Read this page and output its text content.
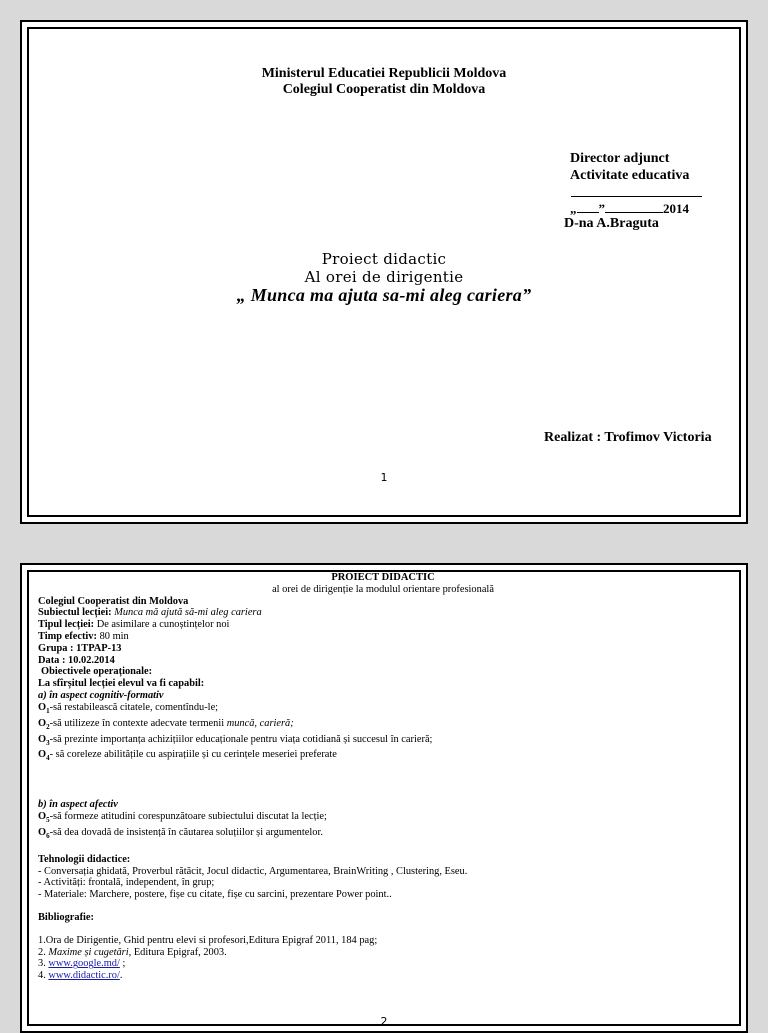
Ministerul Educatiei Republicii Moldova
Colegiul Cooperatist din Moldova
Director adjunct
Activitate educativa
„ ”	2014
D-na A.Braguta
Proiect didactic
Al orei de dirigentie
„ Munca ma ajuta sa-mi aleg cariera”
Realizat : Trofimov Victoria
1
PROIECT DIDACTIC
al orei de dirigenție la modulul orientare profesională
Colegiul Cooperatist din Moldova
Subiectul lecției: Munca mă ajută să-mi aleg cariera
Tipul lecției: De asimilare a cunoștințelor noi
Timp efectiv: 80 min
Grupa : 1TPAP-13
Data : 10.02.2014
Obiectivele operaționale:
La sfîrșitul lecției elevul va fi capabil:
a) în aspect cognitiv-formativ
$O_1-să$ restabilească citatele, comentîndu-le;
$O_2-să$ utilizeze în contexte adecvate termenii muncă, carieră;
$O_3-să$ prezinte importanța achizițiilor educaționale pentru viața cotidiană și succesul în carieră;
$O_4-$ să coreleze abilitățile cu aspirațiile și cu cerințele meseriei preferate
b) în aspect afectiv
$O_5-să$ formeze atitudini corespunzătoare subiectului discutat la lecție;
$O_6-să$ dea dovadă de insistență în căutarea soluțiilor și argumentelor.
Tehnologii didactice:
- Conversația ghidată, Proverbul rătăcit, Jocul didactic, Argumentarea, BrainWriting , Clustering, Eseu.
- Activități: frontală, independent, în grup;
- Materiale: Marchere, postere, fișe cu citate, fișe cu sarcini, prezentare Power point..
Bibliografie:
1.Ora de Dirigentie, Ghid pentru elevi si profesori,Editura Epigraf 2011, 184 pag;
2. Maxime și cugetări, Editura Epigraf, 2003.
3. www.google.md/ ;
4. www.didactic.ro/.
2
